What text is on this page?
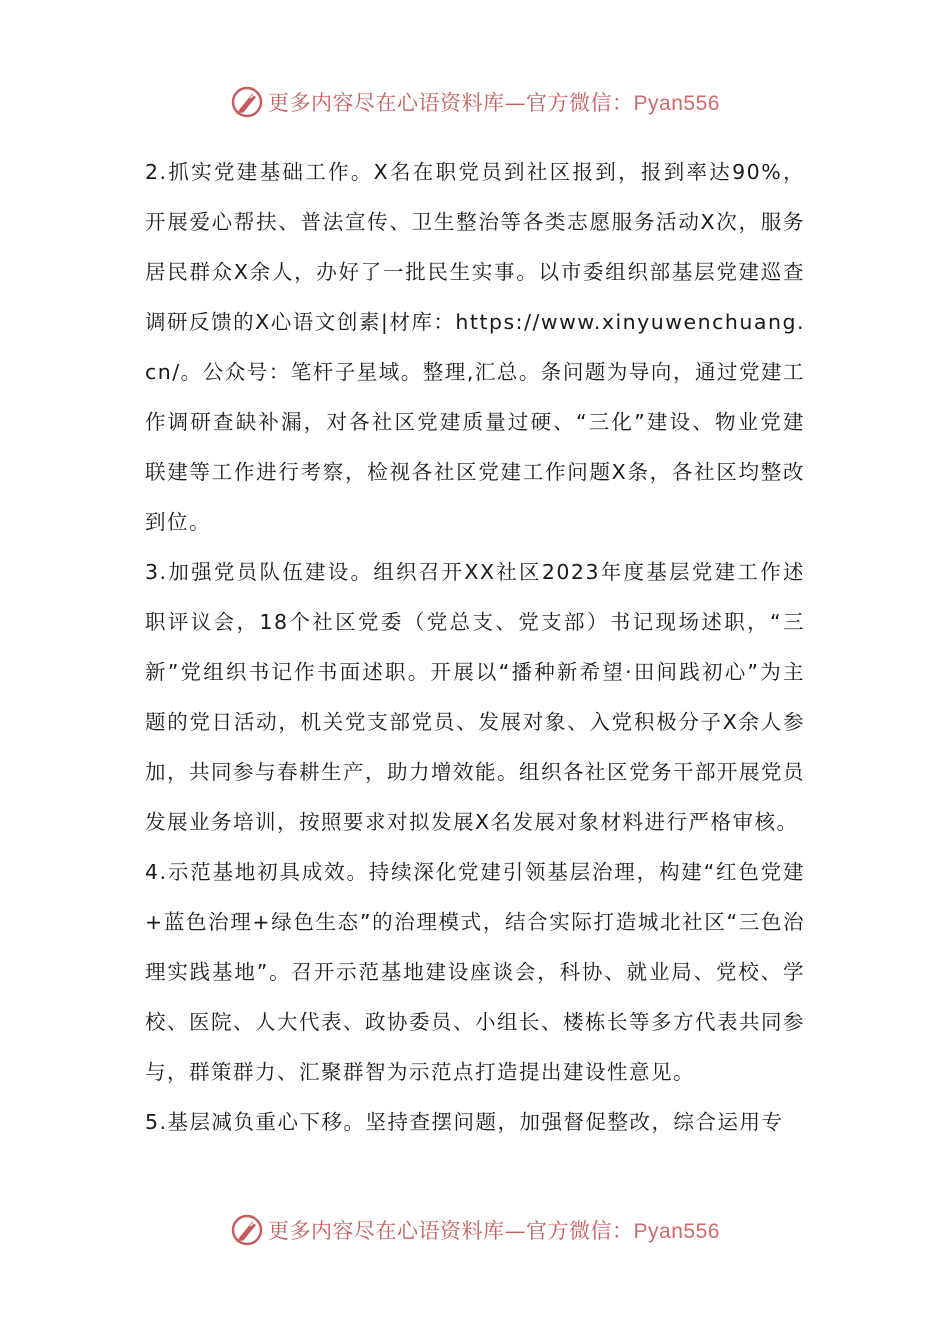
更多内容尽在心语资料库—官方微信：Pyan556

2.抓实党建基础工作。X名在职党员到社区报到，报到率达90%，开展爱心帮扶、普法宣传、卫生整治等各类志愿服务活动X次，服务居民群众X余人，办好了一批民生实事。以市委组织部基层党建巡查调研反馈的X心语文创素|材库：https://www.xinyuwenchuang.cn/。公众号：笔杆子星域。整理,汇总。条问题为导向，通过党建工作调研查缺补漏，对各社区党建质量过硬、“三化”建设、物业党建联建等工作进行考察，检视各社区党建工作问题X条，各社区均整改到位。

3.加强党员队伍建设。组织召开XX社区2023年度基层党建工作述职评议会，18个社区党委（党总支、党支部）书记现场述职，“三新”党组织书记作书面述职。开展以“播种新希望·田间践初心”为主题的党日活动，机关党支部党员、发展对象、入党积极分子X余人参加，共同参与春耕生产，助力增效能。组织各社区党务干部开展党员发展业务培训，按照要求对拟发展X名发展对象材料进行严格审核。

4.示范基地初具成效。持续深化党建引领基层治理，构建“红色党建+蓝色治理+绿色生态”的治理模式，结合实际打造城北社区“三色治理实践基地”。召开示范基地建设座谈会，科协、就业局、党校、学校、医院、人大代表、政协委员、小组长、楼栋长等多方代表共同参与，群策群力、汇聚群智为示范点打造提出建设性意见。

5.基层减负重心下移。坚持查摆问题，加强督促整改，综合运用专

更多内容尽在心语资料库—官方微信：Pyan556
